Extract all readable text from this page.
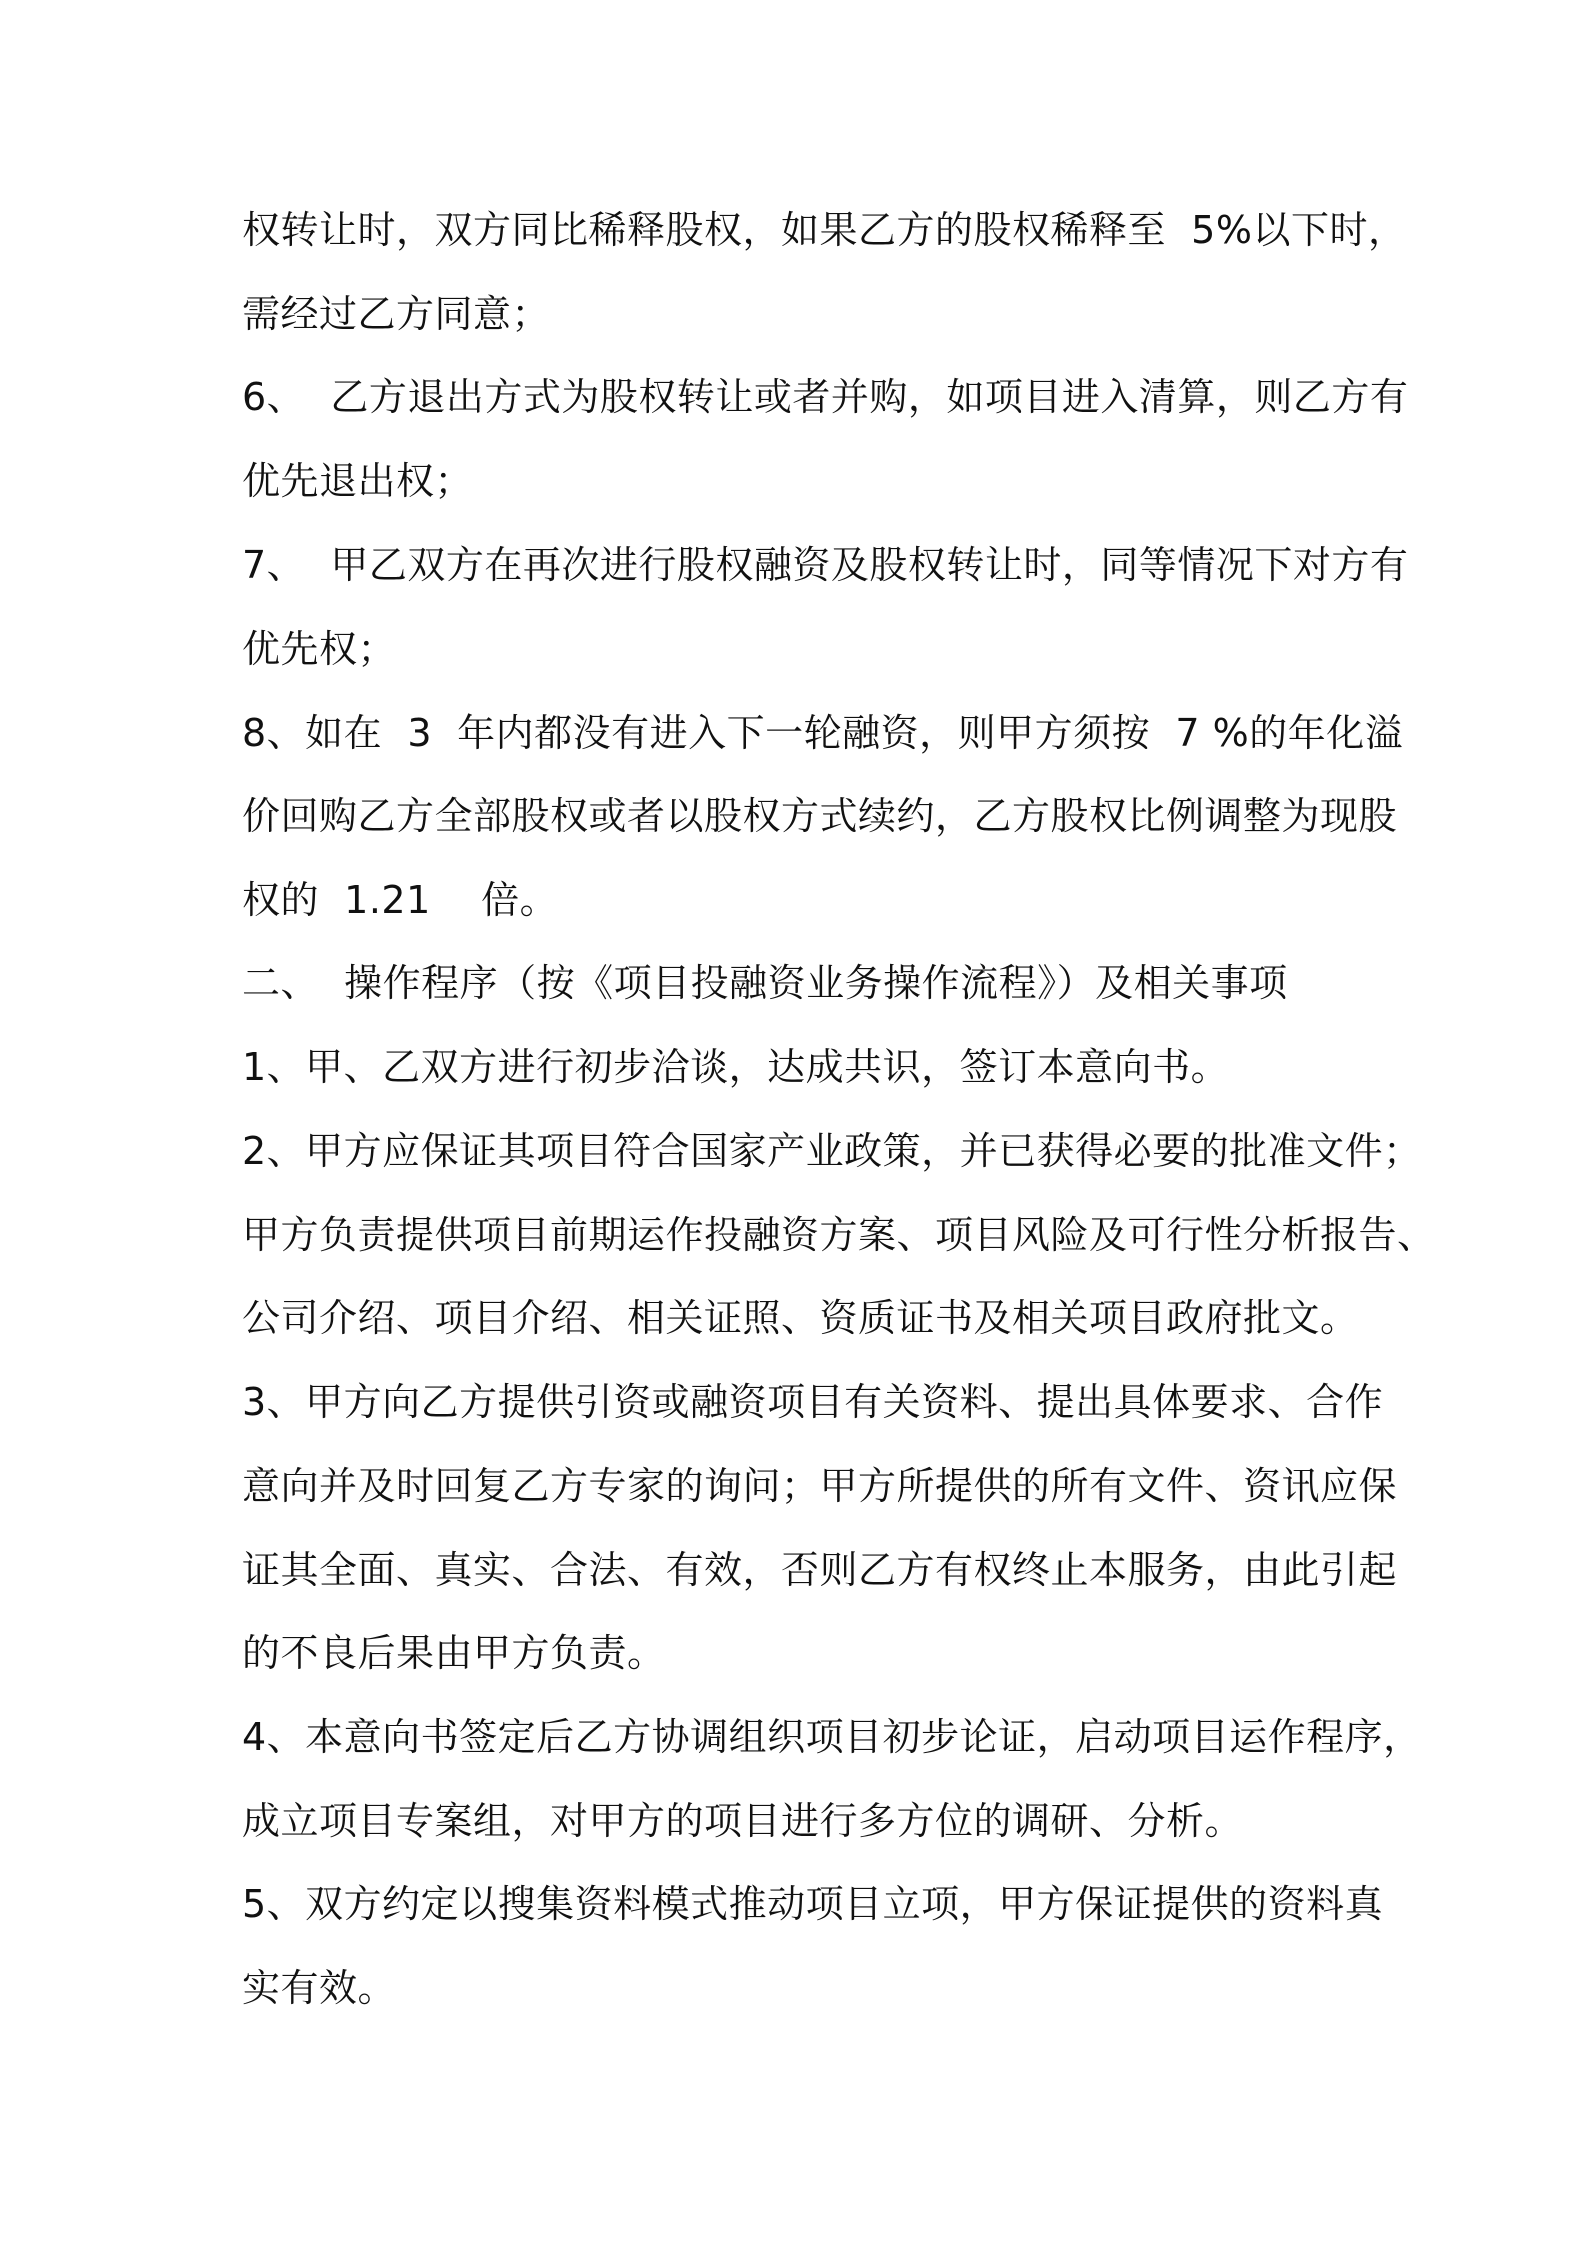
权转让时，双方同比稀释股权，如果乙方的股权稀释至  5%以下时，
需经过乙方同意；
6、  乙方退出方式为股权转让或者并购，如项目进入清算，则乙方有
优先退出权；
7、  甲乙双方在再次进行股权融资及股权转让时，同等情况下对方有
优先权；
8、如在  3  年内都没有进入下一轮融资，则甲方须按  7 %的年化溢
价回购乙方全部股权或者以股权方式续约，乙方股权比例调整为现股
权的  1.21    倍。
二、  操作程序（按《项目投融资业务操作流程》）及相关事项
1、甲、乙双方进行初步洽谈，达成共识，签订本意向书。
2、甲方应保证其项目符合国家产业政策，并已获得必要的批准文件；
甲方负责提供项目前期运作投融资方案、项目风险及可行性分析报告、
公司介绍、项目介绍、相关证照、资质证书及相关项目政府批文。
3、甲方向乙方提供引资或融资项目有关资料、提出具体要求、合作
意向并及时回复乙方专家的询问；甲方所提供的所有文件、资讯应保
证其全面、真实、合法、有效，否则乙方有权终止本服务，由此引起
的不良后果由甲方负责。
4、本意向书签定后乙方协调组织项目初步论证，启动项目运作程序，
成立项目专案组，对甲方的项目进行多方位的调研、分析。
5、双方约定以搜集资料模式推动项目立项，甲方保证提供的资料真
实有效。
